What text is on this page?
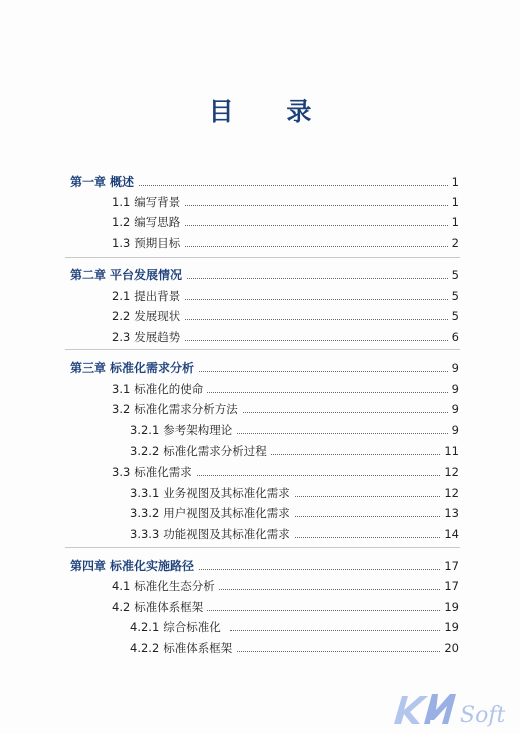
目 录
第一章 概述	1
1.1 编写背景	1
1.2 编写思路	1
1.3 预期目标	2
第二章 平台发展情况	5
2.1 提出背景	5
2.2 发展现状	5
2.3 发展趋势	6
第三章 标准化需求分析	9
3.1 标准化的使命	9
3.2 标准化需求分析方法	9
3.2.1 参考架构理论	9
3.2.2 标准化需求分析过程	11
3.3 标准化需求	12
3.3.1 业务视图及其标准化需求	12
3.3.2 用户视图及其标准化需求	13
3.3.3 功能视图及其标准化需求	14
第四章 标准化实施路径	17
4.1 标准化生态分析	17
4.2 标准体系框架	19
4.2.1 综合标准化	19
4.2.2 标准体系框架	20
Soft
